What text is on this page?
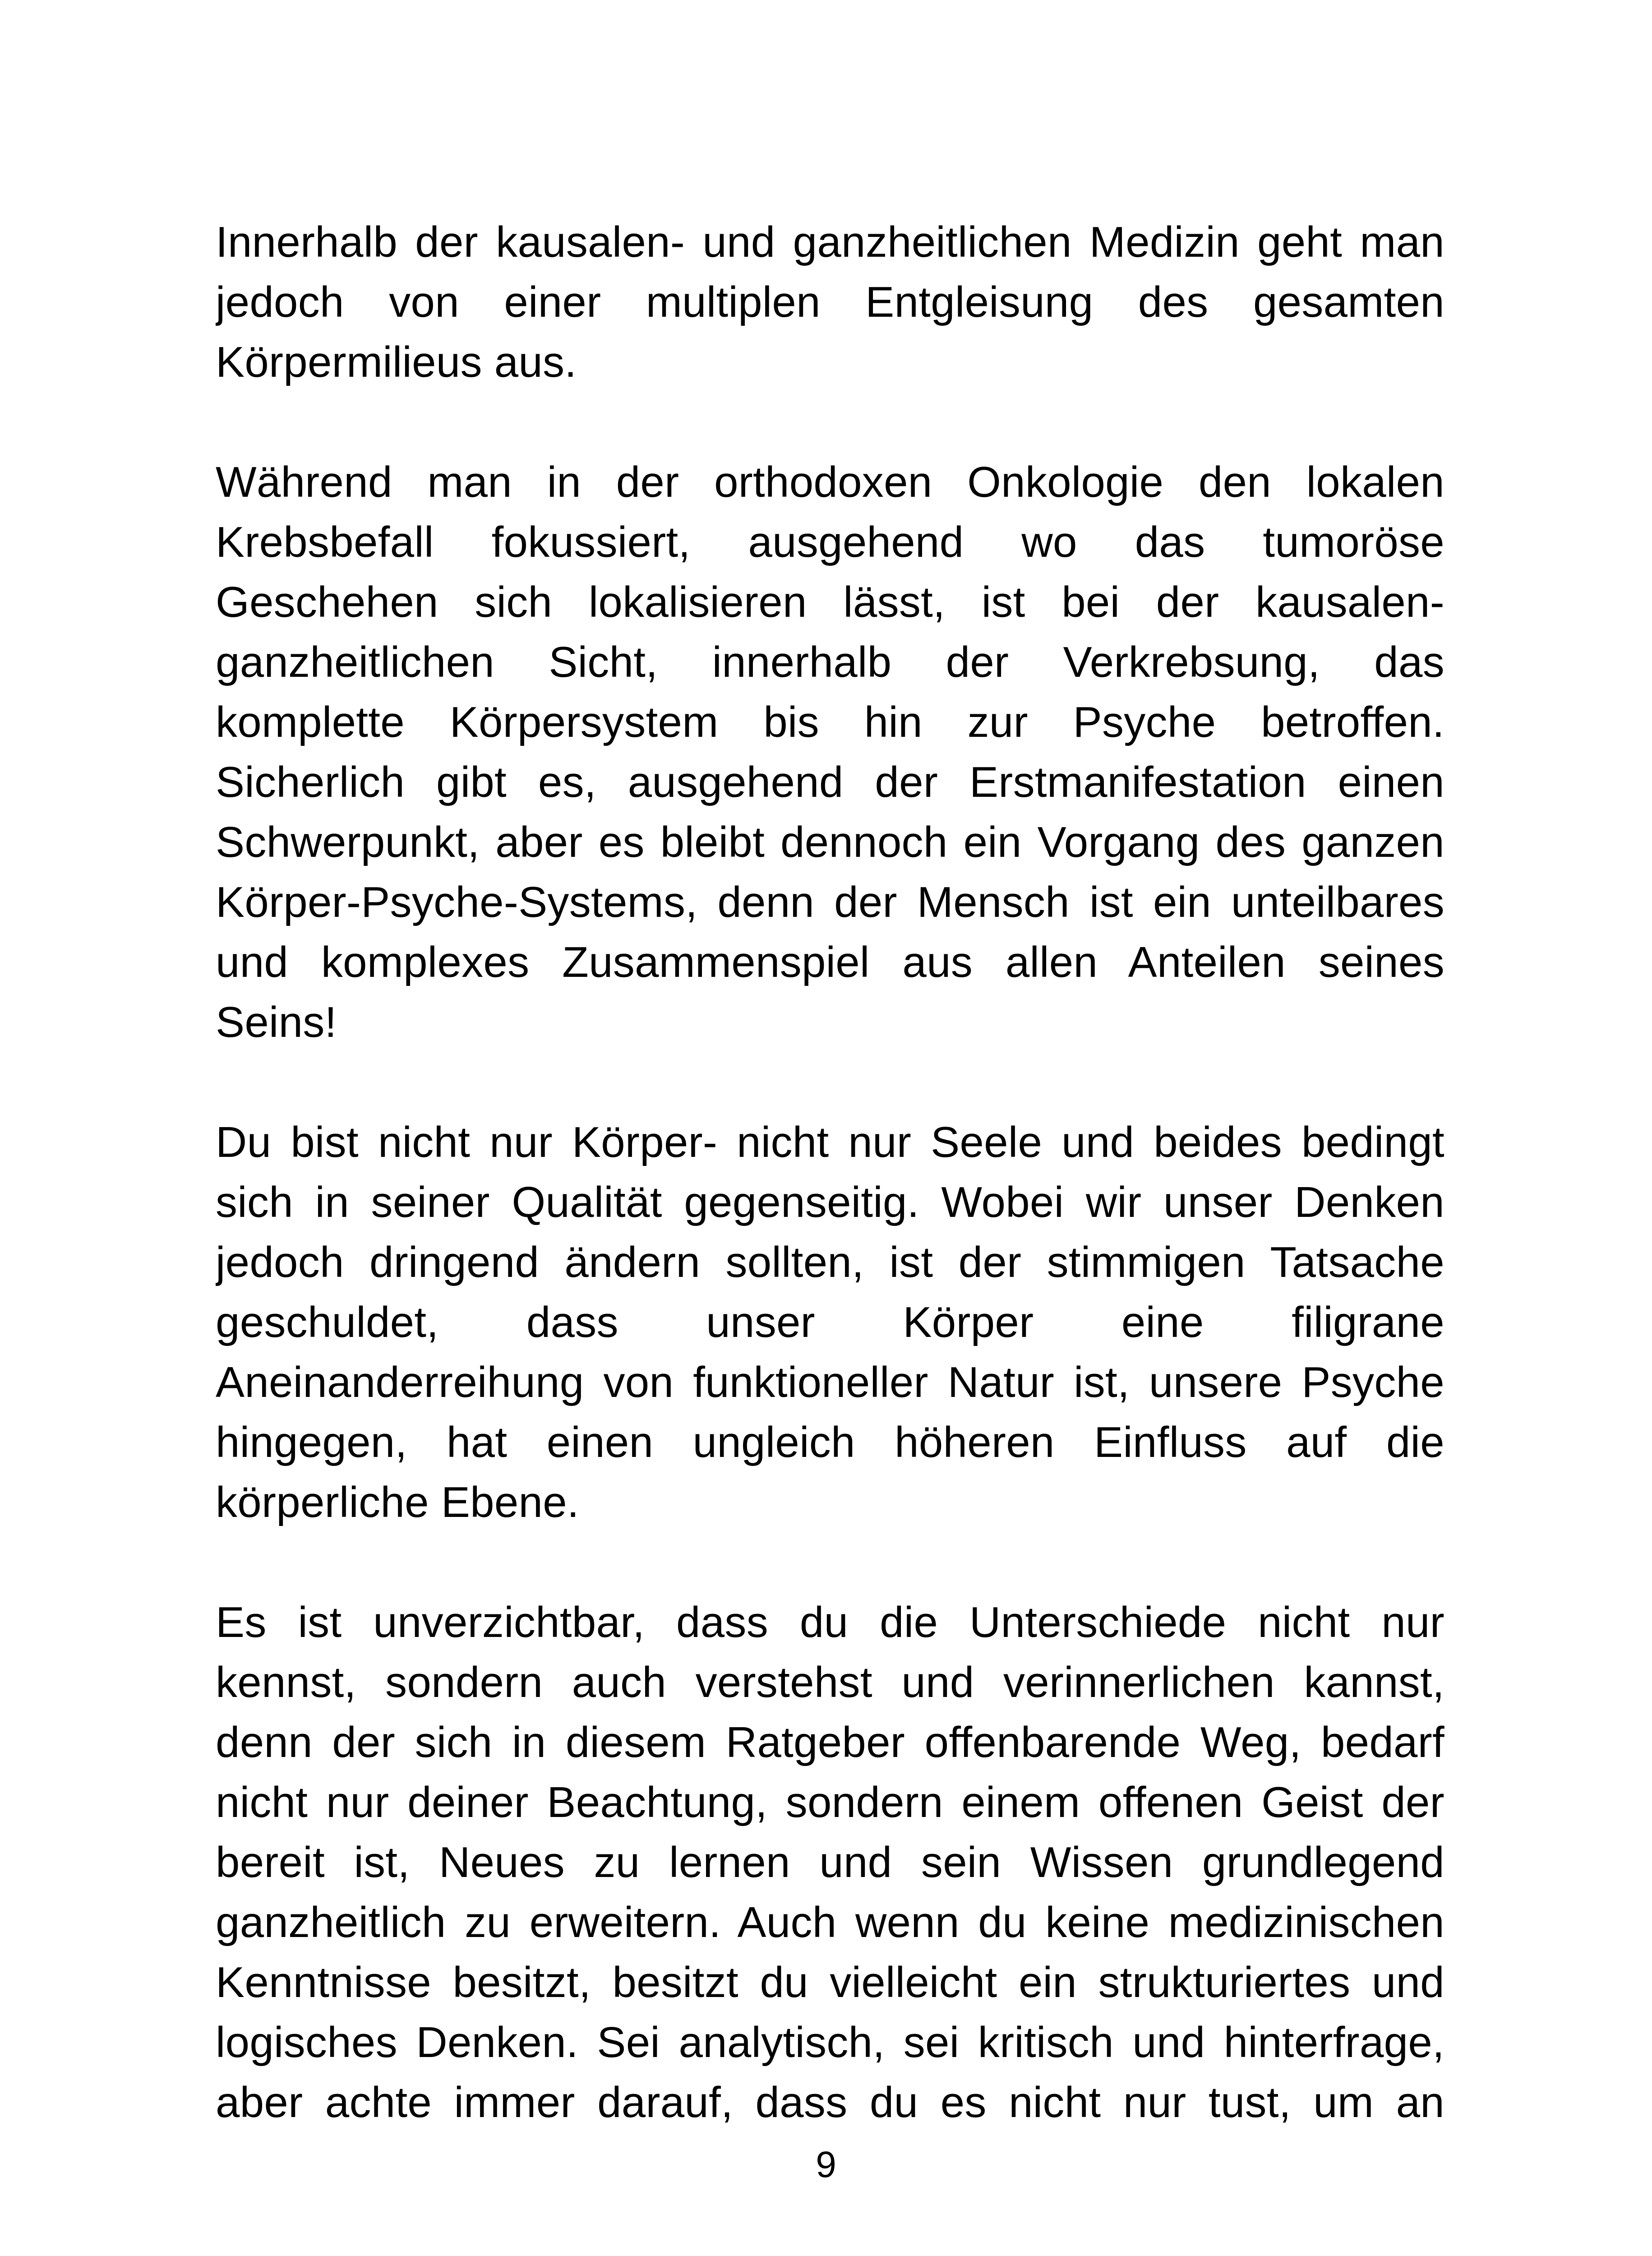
Innerhalb der kausalen- und ganzheitlichen Medizin geht man
jedoch von einer multiplen Entgleisung des gesamten
Körpermilieus aus.

Während man in der orthodoxen Onkologie den lokalen
Krebsbefall fokussiert, ausgehend wo das tumoröse
Geschehen sich lokalisieren lässt, ist bei der kausalen-
ganzheitlichen Sicht, innerhalb der Verkrebsung, das
komplette Körpersystem bis hin zur Psyche betroffen.
Sicherlich gibt es, ausgehend der Erstmanifestation einen
Schwerpunkt, aber es bleibt dennoch ein Vorgang des ganzen
Körper-Psyche-Systems, denn der Mensch ist ein unteilbares
und komplexes Zusammenspiel aus allen Anteilen seines
Seins!

Du bist nicht nur Körper- nicht nur Seele und beides bedingt
sich in seiner Qualität gegenseitig. Wobei wir unser Denken
jedoch dringend ändern sollten, ist der stimmigen Tatsache
geschuldet, dass unser Körper eine filigrane
Aneinanderreihung von funktioneller Natur ist, unsere Psyche
hingegen, hat einen ungleich höheren Einfluss auf die
körperliche Ebene.

Es ist unverzichtbar, dass du die Unterschiede nicht nur
kennst, sondern auch verstehst und verinnerlichen kannst,
denn der sich in diesem Ratgeber offenbarende Weg, bedarf
nicht nur deiner Beachtung, sondern einem offenen Geist der
bereit ist, Neues zu lernen und sein Wissen grundlegend
ganzheitlich zu erweitern. Auch wenn du keine medizinischen
Kenntnisse besitzt, besitzt du vielleicht ein strukturiertes und
logisches Denken. Sei analytisch, sei kritisch und hinterfrage,
aber achte immer darauf, dass du es nicht nur tust, um an

9
